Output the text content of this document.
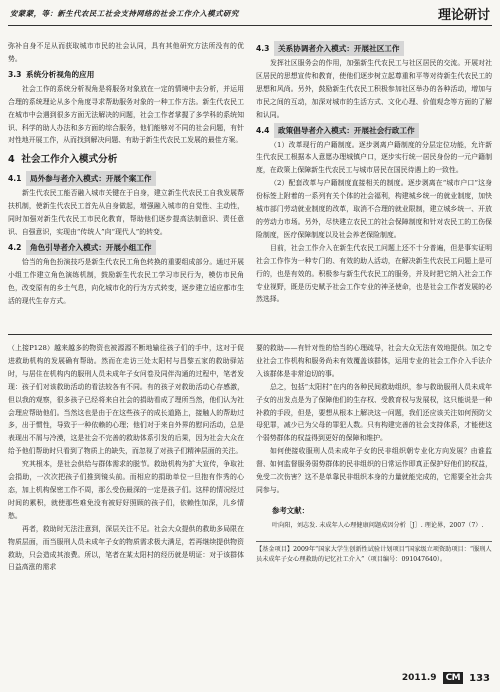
安蒙蒙，等：新生代农民工社会支持网络的社会工作介入模式研究	理论研讨

弥补自身不足从而获取城市市民的社会认同，具有其他研究方法所没有的优势。

3.3 系统分析视角的应用

社会工作的系统分析视角是将服务对象放在一定的情境中去分析，并运用合理的系统理论从多个角度寻求帮助服务对象的一种工作方法。新生代农民工在城市中会遇到很多方面无法解决的问题，社会工作者掌握了多学科的系统知识、科学的助人办法和多方面的综合服务，他们能够对不同的社会问题，有针对性地开展工作，从而找到解决问题、有助于新生代农民工发展的最佳方案。

4 社会工作介入模式分析
4.1	局外参与者介入模式：开展个案工作

新生代农民工能否融入城市关键在于自身，建立新生代农民工自我发展帮扶机制，使新生代农民工首先从自身做起，增强融入城市的自觉性、主动性，同时加强对新生代农民工市民化教育，帮助他们逐步提高法制意识、责任意识、自强意识，实现由“传统人”向“现代人”的转变。

4.2	角色引导者介入模式：开展小组工作

恰当的角色扮演技巧是新生代农民工角色转换的重要组成部分。通过开展小组工作建立角色演练机制，鼓励新生代农民工学习市民行为，模仿市民角色，改变原有的乡土气息，向化城市化的行为方式转变，逐步建立适应都市生活的现代生存方式。

4.3	关系协调者介入模式：开展社区工作

发挥社区服务会的作用，加强新生代农民工与社区居民的交流。开展对社区居民的思想宣传和教育，使他们逐步树立起尊重和平等对待新生代农民工的思想和风尚。另外，鼓励新生代农民工积极参加社区举办的各种活动，增加与市民之间的互动，加深对城市的生活方式、文化心理、价值观念等方面的了解和认同。

4.4	政策倡导者介入模式：开展社会行政工作

（1）改革现行的户籍制度。逐步剥离户籍制度的分层定位功能，允许新生代农民工根据本人意愿办理城镇户口，逐步实行统一居民身份的一元户籍制度，在政策上保障新生代农民工与城市居民在国民待遇上的一致性。

（2）配套改革与户籍制度直接相关的制度。逐步剥离在“城市户口”这身份标签上附着的一系列有关个体的社会福利，构建城乡统一的就业制度，加快城市部门劳动就业制度的改革，取消不合理的就业限制，建立城乡统一、开放的劳动力市场。另外，尽快建立农民工的社会保障制度和针对农民工的工伤保险制度，医疗保障制度以及社会养老保险制度。

目前，社会工作介入在新生代农民工问题上还不十分普遍，但是事实证明社会工作作为一种专门的、有效的助人活动，在解决新生代农民工问题上是可行的，也是有效的。积极参与新生代农民工的服务，并及时把它纳入社会工作专业视野，既是历史赋予社会工作专业的神圣使命，也是社会工作者发展的必然选择。

（上接P128）越来越多的物资也被源源不断地输往孩子们的手中，这对于促进救助机构的发展确有帮助。然而在走访三处太阳村与昌黎五家的救助驿站时，与居住在机构内的服刑人员未成年子女问卷及同伴沟通的过程中，笔者发现：孩子们对该救助活动的看法较各有不同。有的孩子对救助活动心存感激，但以我的观察，很多孩子已经将来自社会的捐助看成了理所当然，他们认为社会理应帮助他们。当然这也是由于在这些孩子的成长道路上，接触人的帮助过多，出于惯性，导致于一种依赖的心理；他们对于来自外界的慰问活动，总是表现出不屑与冷漠，这是社会不完善的救助体系引发的后果，因为社会大众在给予他们帮助时只看到了物质上的缺失，而忽视了对孩子们精神层面的关注。

究其根本，是社会供给与群体需求的脱节。救助机构为扩大宣传，争取社会捐助，一次次把孩子们推到镜头前。而相应的捐助单位一旦抱有作秀的心态，加上机构保密工作不周，那么受伤最深的一定是孩子们。这样的情况经过时间的累积，就使那些难免没有被好好照顾的孩子们，依赖性加深，儿乡情愁。

再者，救助时无法注意到，深层关注不足。社会大众提供的救助多局限在物质层面，而当服刑人员未成年子女的物质需求极大满足，若再继续提供物资救助，只会造成其浪费。所以，笔者在某太阳村的经历就是明证：对于该群体日益高涨的需求

要的救助——有针对性的恰当的心理疏导，社会大众无法有效地提供。加之专业社会工作机构和服务尚未有效覆盖该群体，运用专业的社会工作介入手法介入该群体是非常迫切的事。

总之，包括“太阳村”在内的各种民间救助组织，参与救助服刑人员未成年子女的出发点是为了保障他们的生存权、受教育权与发展权，这只能说是一种补救的手段，但是，要想从根本上解决这一问题，我们还应该关注如何预防父母犯罪，减少已为父母的罪犯人数。只有构建完善的社会支持体系，才能使这个弱势群体的权益得到更好的保障和维护。

如何使接收服刑人员未成年子女的民非组织朝专业化方向发展？由谁监督、如何监督服务弱势群体的民非组织的日常运作即真正保护好他们的权益，免受二次伤害？这不是单靠民非组织本身的力量就能完成的，它需要全社会共同参与。

参考文献：
叶向阳，刘志发. 未成年人心理健康问题成因分析［J］. 理论界，2007（7）.
【基金项目】2009年“国家大学生创新性试验计划项目”国家级立项资助项目：“服刑人员未成年子女心理救助的记忆社工介入”（项目编号：091047640）。
2011.9	CM 133
